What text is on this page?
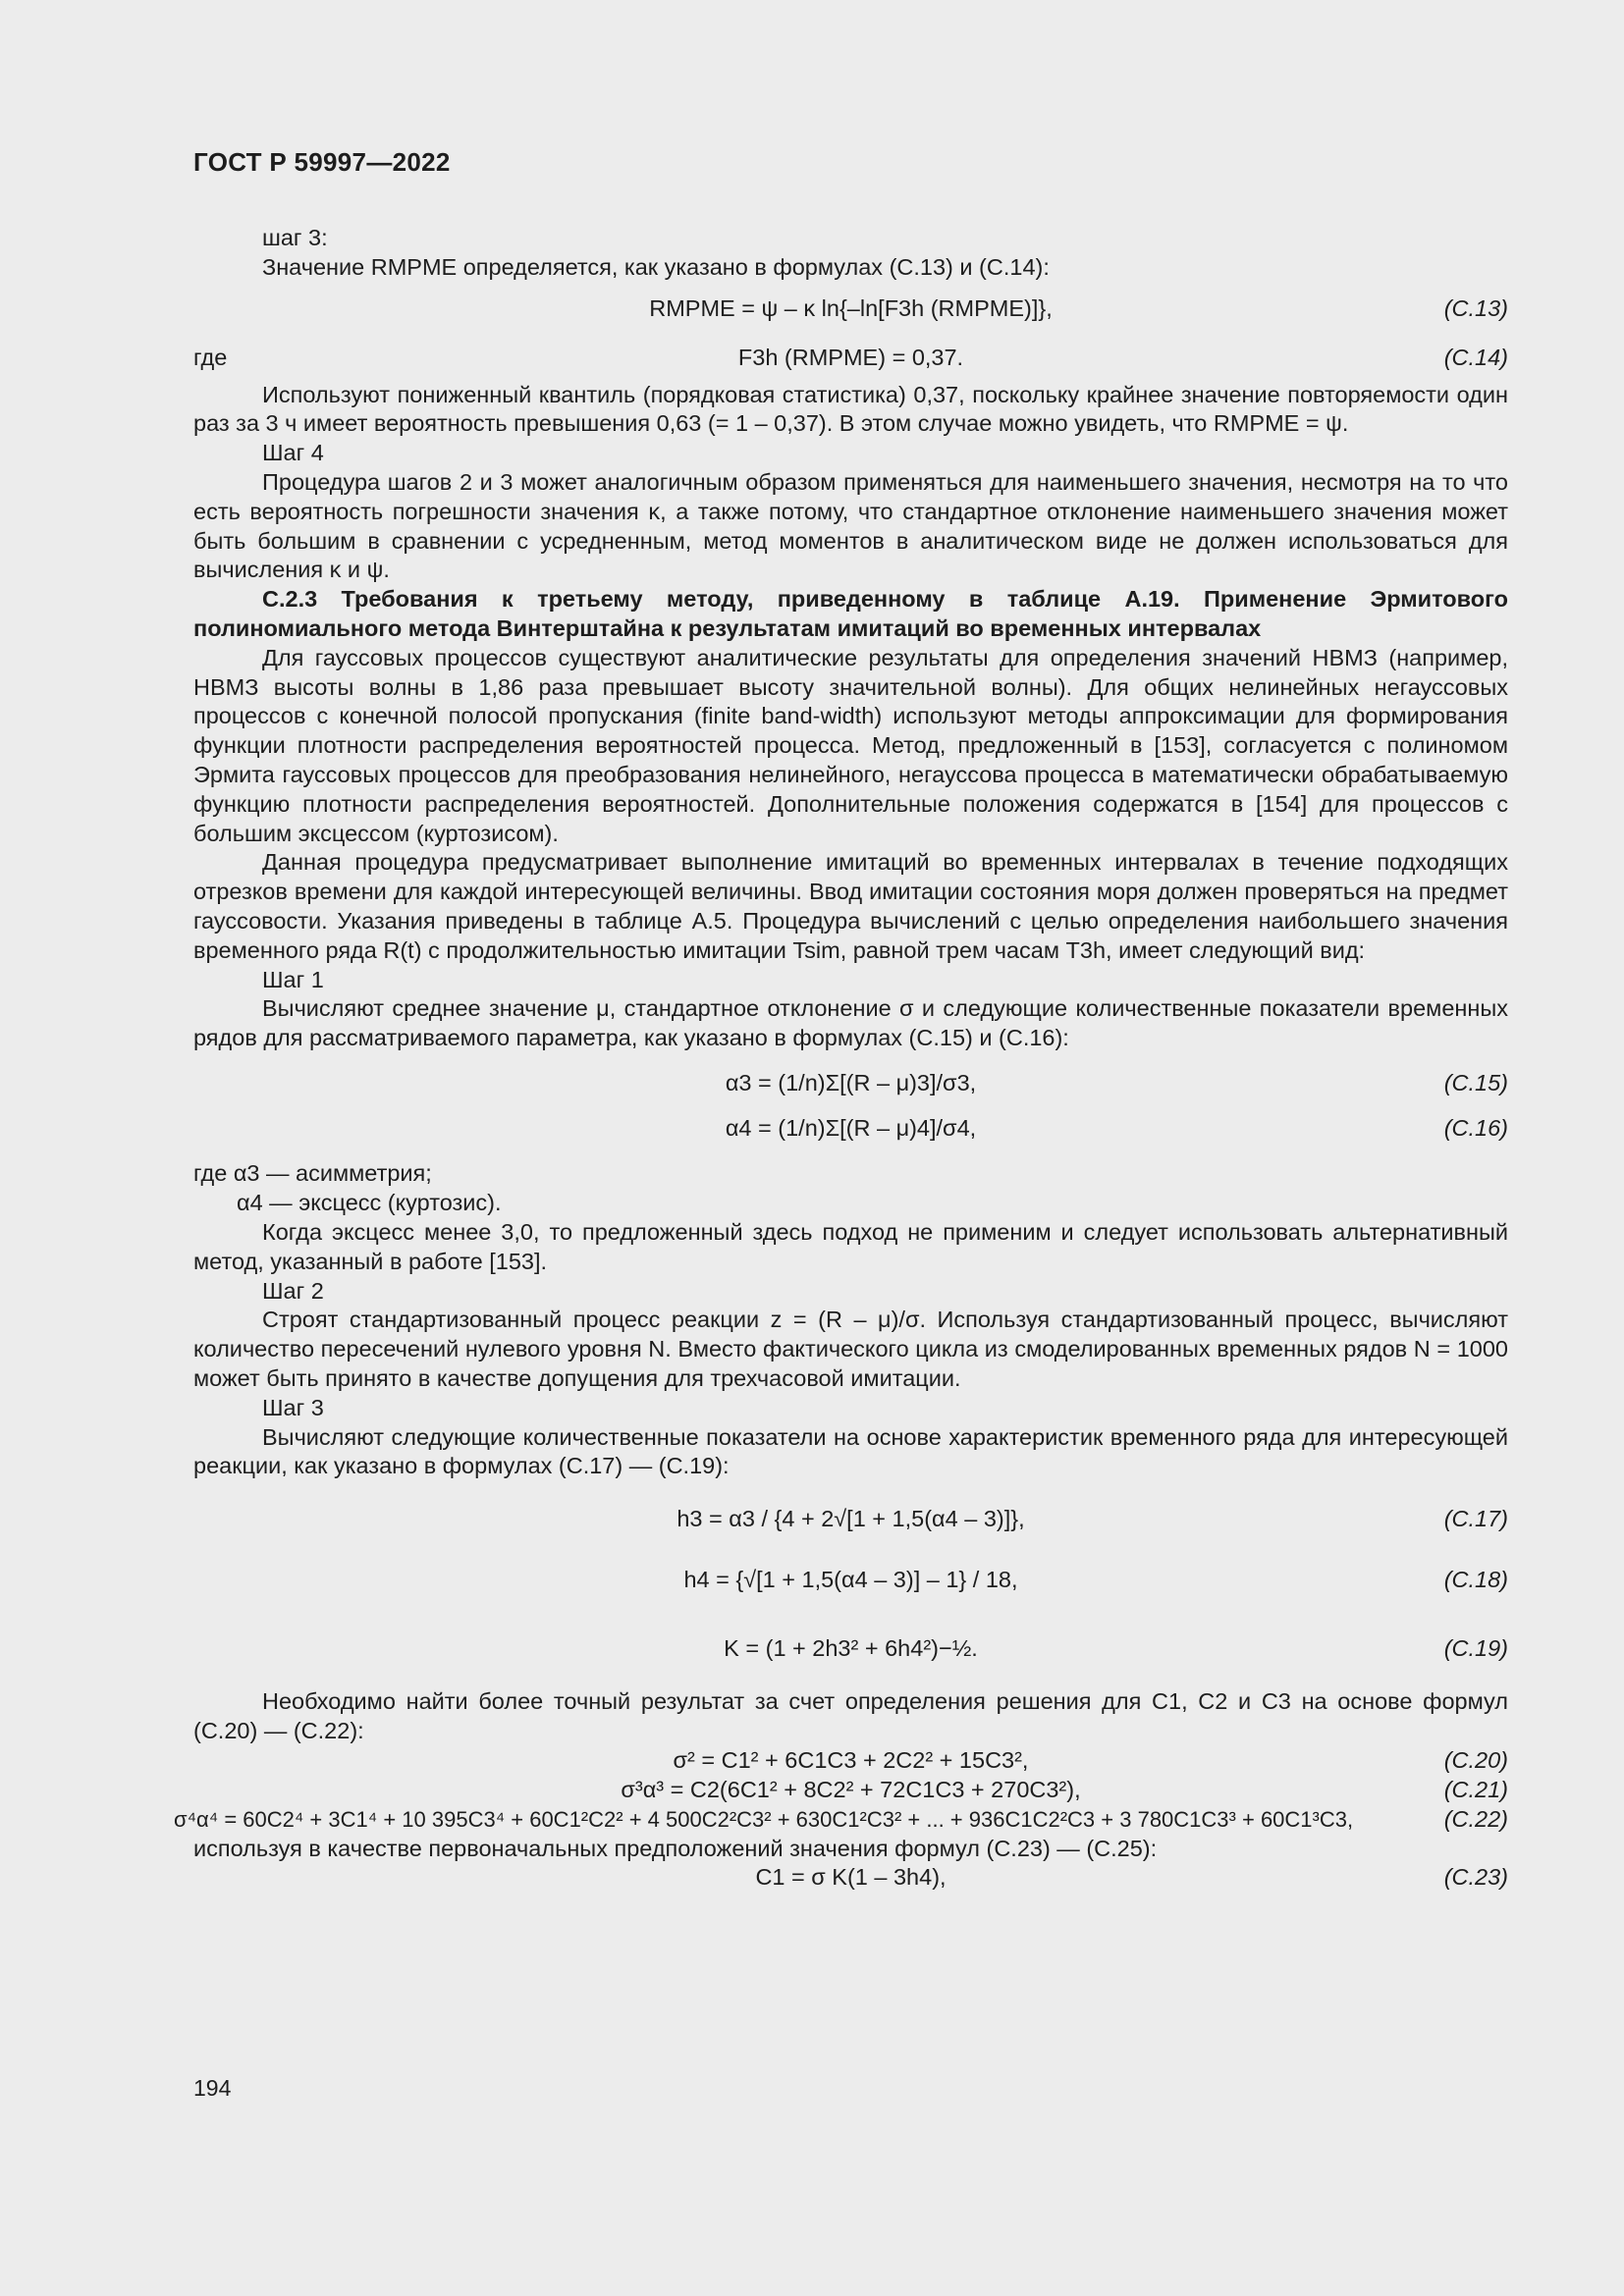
ГОСТ Р 59997—2022

шаг 3:

Значение RMPME определяется, как указано в формулах (С.13) и (С.14):

RMPME = ψ – κ ln{–ln[F3h (RMPME)]},	(С.13)
где	F3h (RMPME) = 0,37.	(С.14)

Используют пониженный квантиль (порядковая статистика) 0,37, поскольку крайнее значение повторяемости один раз за 3 ч имеет вероятность превышения 0,63 (= 1 – 0,37). В этом случае можно увидеть, что RMPME = ψ.

Шаг 4

Процедура шагов 2 и 3 может аналогичным образом применяться для наименьшего значения, несмотря на то что есть вероятность погрешности значения κ, а также потому, что стандартное отклонение наименьшего значения может быть большим в сравнении с усредненным, метод моментов в аналитическом виде не должен использоваться для вычисления κ и ψ.

С.2.3 Требования к третьему методу, приведенному в таблице А.19. Применение Эрмитового полиномиального метода Винтерштайна к результатам имитаций во временных интервалах

Для гауссовых процессов существуют аналитические результаты для определения значений НВМЗ (например, НВМЗ высоты волны в 1,86 раза превышает высоту значительной волны). Для общих нелинейных негауссовых процессов с конечной полосой пропускания (finite band-width) используют методы аппроксимации для формирования функции плотности распределения вероятностей процесса. Метод, предложенный в [153], согласуется с полиномом Эрмита гауссовых процессов для преобразования нелинейного, негауссова процесса в математически обрабатываемую функцию плотности распределения вероятностей. Дополнительные положения содержатся в [154] для процессов с большим эксцессом (куртозисом).

Данная процедура предусматривает выполнение имитаций во временных интервалах в течение подходящих отрезков времени для каждой интересующей величины. Ввод имитации состояния моря должен проверяться на предмет гауссовости. Указания приведены в таблице А.5. Процедура вычислений с целью определения наибольшего значения временного ряда R(t) с продолжительностью имитации Tsim, равной трем часам T3h, имеет следующий вид:

Шаг 1

Вычисляют среднее значение μ, стандартное отклонение σ и следующие количественные показатели временных рядов для рассматриваемого параметра, как указано в формулах (С.15) и (С.16):

α3 = (1/n)Σ[(R – μ)3]/σ3,	(С.15)
α4 = (1/n)Σ[(R – μ)4]/σ4,	(С.16)
где α3 — асимметрия;
α4 — эксцесс (куртозис).

Когда эксцесс менее 3,0, то предложенный здесь подход не применим и следует использовать альтернативный метод, указанный в работе [153].

Шаг 2

Строят стандартизованный процесс реакции z = (R – μ)/σ. Используя стандартизованный процесс, вычисляют количество пересечений нулевого уровня N. Вместо фактического цикла из смоделированных временных рядов N = 1000 может быть принято в качестве допущения для трехчасовой имитации.

Шаг 3

Вычисляют следующие количественные показатели на основе характеристик временного ряда для интересующей реакции, как указано в формулах (С.17) — (С.19):

h3 = α3 / {4 + 2√[1 + 1,5(α4 – 3)]},	(С.17)
h4 = {√[1 + 1,5(α4 – 3)] – 1} / 18,	(С.18)
K = (1 + 2h3² + 6h4²)−½.	(С.19)

Необходимо найти более точный результат за счет определения решения для C1, C2 и C3 на основе формул (С.20) — (С.22):

σ² = C1² + 6C1C3 + 2C2² + 15C3²,	(С.20)
σ³α³ = C2(6C1² + 8C2² + 72C1C3 + 270C3²),	(С.21)
σ⁴α⁴ = 60C2⁴ + 3C1⁴ + 10 395C3⁴ + 60C1²C2² + 4 500C2²C3² + 630C1²C3² + ... + 936C1C2²C3 + 3 780C1C3³ + 60C1³C3,	(С.22)

используя в качестве первоначальных предположений значения формул (С.23) — (С.25):

C1 = σ K(1 – 3h4),	(С.23)
194
